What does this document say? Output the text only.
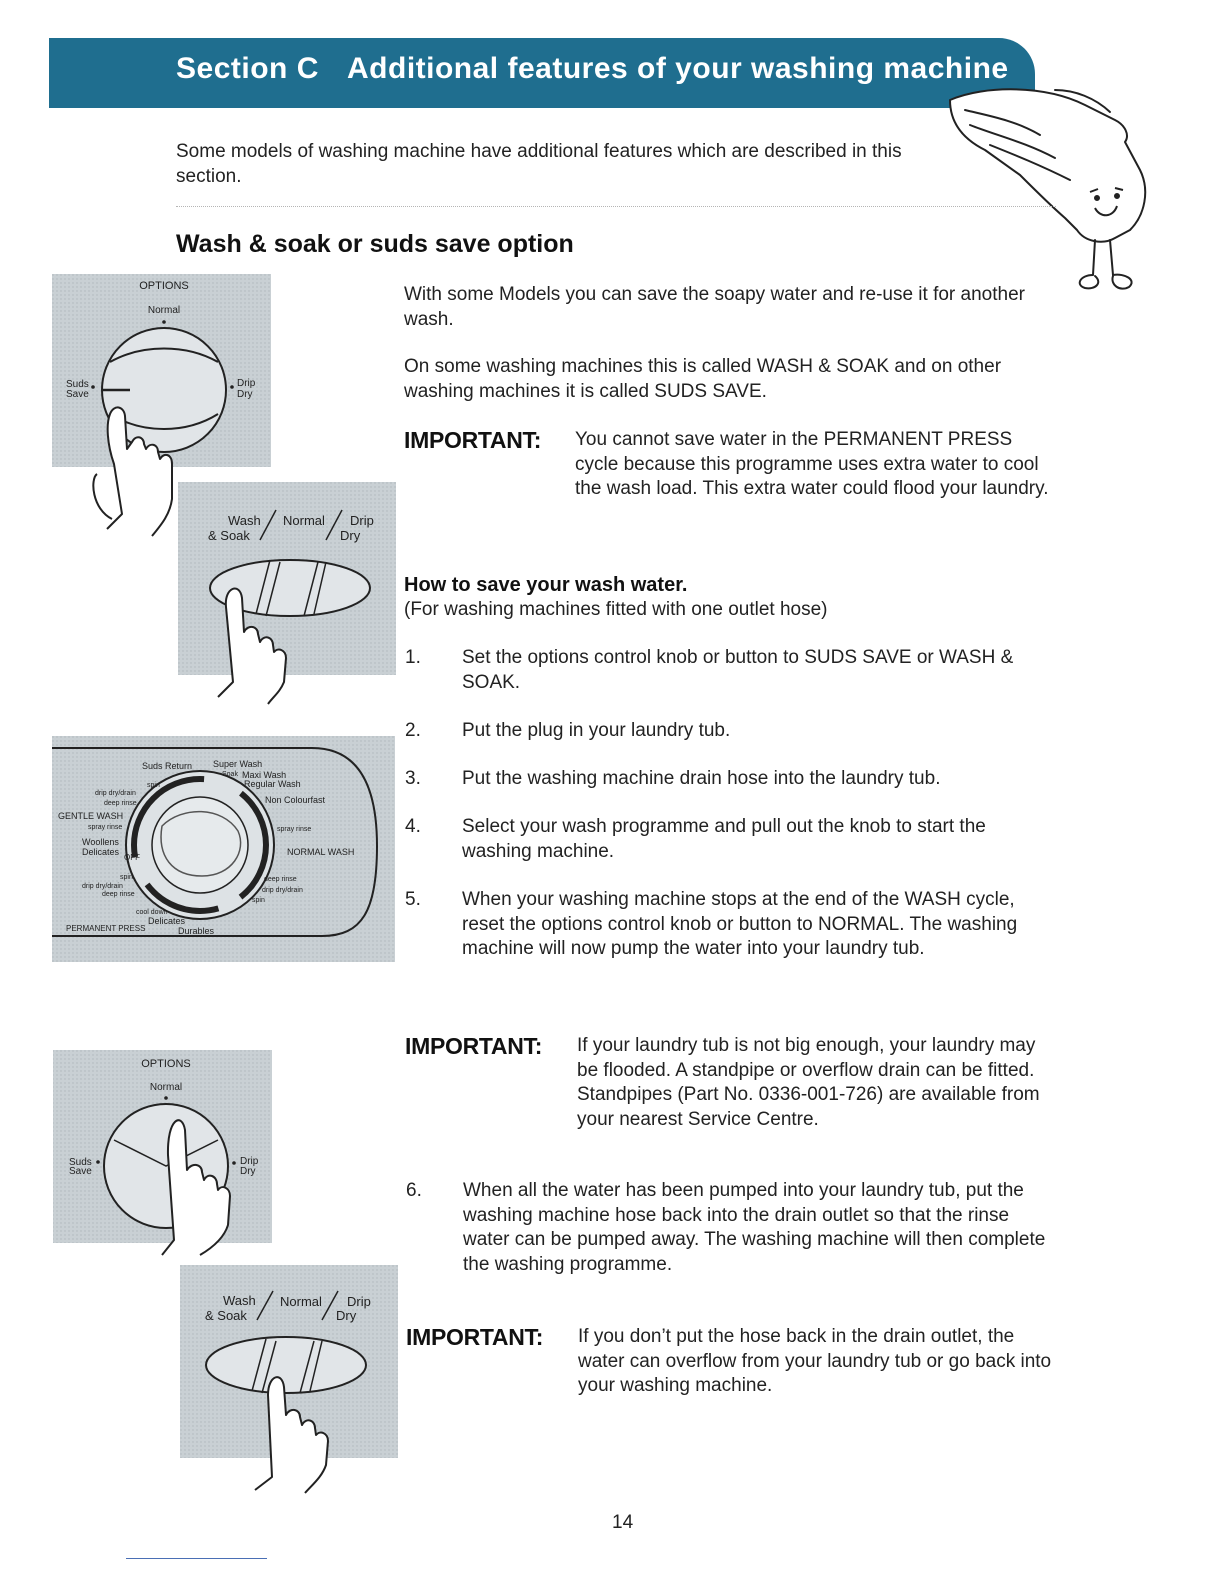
Section C Additional features of your washing machine
Some models of washing machine have additional features which are described in this section.
Wash & soak or suds save option
OPTIONS
Normal
Suds
Save
Drip
Dry
Wash
& Soak
Normal Drip
Dry
Suds Return Super Wash
Soak Maxi Wash
Regular Wash
Non Colourfast
spray rinse
NORMAL WASH
deep rinse
drip dry/drain
spin
Durables
Delicates
cool down
PERMANENT PRESS
deep rinse
drip dry/drain
spin
OFF
Woollens
Delicates
spray rinse
GENTLE WASH
deep rinse
drip dry/drain
spin
OPTIONS
Normal
Suds
Save
Drip
Dry
Wash
& Soak
Normal Drip
Dry
With some Models you can save the soapy water and re-use it for another wash.
On some washing machines this is called WASH & SOAK and on other washing machines it is called SUDS SAVE.
IMPORTANT: You cannot save water in the PERMANENT PRESS cycle because this programme uses extra water to cool the wash load. This extra water could flood your laundry.
How to save your wash water.
(For washing machines fitted with one outlet hose)
1. Set the options control knob or button to SUDS SAVE or WASH & SOAK.
2. Put the plug in your laundry tub.
3. Put the washing machine drain hose into the laundry tub.
4. Select your wash programme and pull out the knob to start the washing machine.
5. When your washing machine stops at the end of the WASH cycle, reset the options control knob or button to NORMAL. The washing machine will now pump the water into your laundry tub.
IMPORTANT: If your laundry tub is not big enough, your laundry may be flooded. A standpipe or overflow drain can be fitted. Standpipes (Part No. 0336-001-726) are available from your nearest Service Centre.
6. When all the water has been pumped into your laundry tub, put the washing machine hose back into the drain outlet so that the rinse water can be pumped away. The washing machine will then complete the washing programme.
IMPORTANT: If you don’t put the hose back in the drain outlet, the water can overflow from your laundry tub or go back into your washing machine.
14
